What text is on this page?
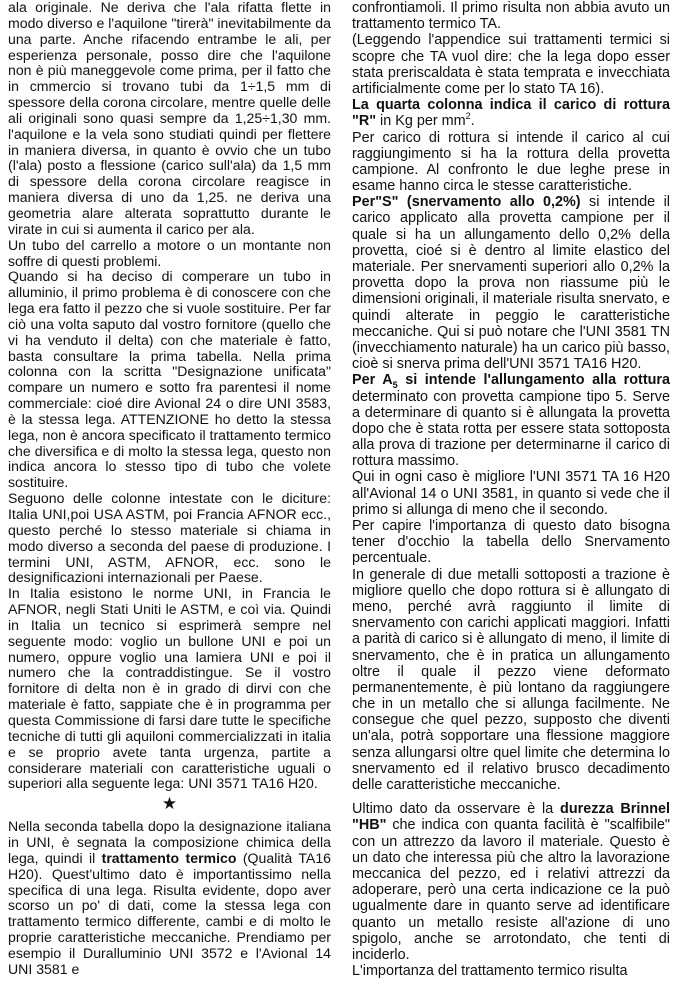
ala originale. Ne deriva che l'ala rifatta flette in modo diverso e l'aquilone "tirerà" inevitabilmente da una parte. Anche rifacendo entrambe le ali, per esperienza personale, posso dire che l'aquilone non è più maneggevole come prima, per il fatto che in cmmercio si trovano tubi da 1÷1,5 mm di spessore della corona circolare, mentre quelle delle ali originali sono quasi sempre da 1,25÷1,30 mm. l'aquilone e la vela sono studiati quindi per flettere in maniera diversa, in quanto è ovvio che un tubo (l'ala) posto a flessione (carico sull'ala) da 1,5 mm di spessore della corona circolare reagisce in maniera diversa di uno da 1,25. ne deriva una geometria alare alterata soprattutto durante le virate in cui si aumenta il carico per ala.

Un tubo del carrello a motore o un montante non soffre di questi problemi.

Quando si ha deciso di comperare un tubo in alluminio, il primo problema è di conoscere con che lega era fatto il pezzo che si vuole sostituire. Per far ciò una volta saputo dal vostro fornitore (quello che vi ha venduto il delta) con che materiale è fatto, basta consultare la prima tabella. Nella prima colonna con la scritta "Designazione unificata" compare un numero e sotto fra parentesi il nome commerciale: cioé dire Avional 24 o dire UNI 3583, è la stessa lega. ATTENZIONE ho detto la stessa lega, non è ancora specificato il trattamento termico che diversifica e di molto la stessa lega, questo non indica ancora lo stesso tipo di tubo che volete sostituire.

Seguono delle colonne intestate con le diciture: Italia UNI,poi USA ASTM, poi Francia AFNOR ecc., questo perché lo stesso materiale si chiama in modo diverso a seconda del paese di produzione. I termini UNI, ASTM, AFNOR, ecc. sono le designificazioni internazionali per Paese.

In Italia esistono le norme UNI, in Francia le AFNOR, negli Stati Uniti le ASTM, e coì via. Quindi in Italia un tecnico si esprimerà sempre nel seguente modo: voglio un bullone UNI e poi un numero, oppure voglio una lamiera UNI e poi il numero che la contraddistingue. Se il vostro fornitore di delta non è in grado di dirvi con che materiale è fatto, sappiate che è in programma per questa Commissione di farsi dare tutte le specifiche tecniche di tutti gli aquiloni commercializzati in italia e se proprio avete tanta urgenza, partite a considerare materiali con caratteristiche uguali o superiori alla seguente lega: UNI 3571 TA16 H20.

★

Nella seconda tabella dopo la designazione italiana in UNI, è segnata la composizione chimica della lega, quindi il trattamento termico (Qualità TA16 H20). Quest'ultimo dato è importantissimo nella specifica di una lega. Risulta evidente, dopo aver scorso un po' di dati, come la stessa lega con trattamento termico differente, cambi e di molto le proprie caratteristiche meccaniche. Prendiamo per esempio il Duralluminio UNI 3572 e l'Avional 14 UNI 3581 e

confrontiamoli. Il primo risulta non abbia avuto un trattamento termico TA.

(Leggendo l'appendice sui trattamenti termici si scopre che TA vuol dire: che la lega dopo esser stata preriscaldata è stata temprata e invecchiata artificialmente come per lo stato TA 16).

La quarta colonna indica il carico di rottura "R" in Kg per $mm^2$.

Per carico di rottura si intende il carico al cui raggiungimento si ha la rottura della provetta campione. Al confronto le due leghe prese in esame hanno circa le stesse caratteristiche.

Per"S" (snervamento allo 0,2%) si intende il carico applicato alla provetta campione per il quale si ha un allungamento dello 0,2% della provetta, cioé si è dentro al limite elastico del materiale. Per snervamenti superiori allo 0,2% la provetta dopo la prova non riassume più le dimensioni originali, il materiale risulta snervato, e quindi alterate in peggio le caratteristiche meccaniche. Qui si può notare che l'UNI 3581 TN (invecchiamento naturale) ha un carico più basso, cioè si snerva prima dell'UNI 3571 TA16 H20.

Per $A_5$ si intende l'allungamento alla rottura determinato con provetta campione tipo 5. Serve a determinare di quanto si è allungata la provetta dopo che è stata rotta per essere stata sottoposta alla prova di trazione per determinarne il carico di rottura massimo.

Qui in ogni caso è migliore l'UNI 3571 TA 16 H20 all'Avional 14 o UNI 3581, in quanto si vede che il primo si allunga di meno che il secondo.

Per capire l'importanza di questo dato bisogna tener d'occhio la tabella dello Snervamento percentuale.

In generale di due metalli sottoposti a trazione è migliore quello che dopo rottura si è allungato di meno, perché avrà raggiunto il limite di snervamento con carichi applicati maggiori. Infatti a parità di carico si è allungato di meno, il limite di snervamento, che è in pratica un allungamento oltre il quale il pezzo viene deformato permanentemente, è più lontano da raggiungere che in un metallo che si allunga facilmente. Ne consegue che quel pezzo, supposto che diventi un'ala, potrà sopportare una flessione maggiore senza allungarsi oltre quel limite che determina lo snervamento ed il relativo brusco decadimento delle caratteristiche meccaniche.

Ultimo dato da osservare è la durezza Brinnel "HB" che indica con quanta facilità è "scalfibile" con un attrezzo da lavoro il materiale. Questo è un dato che interessa più che altro la lavorazione meccanica del pezzo, ed i relativi attrezzi da adoperare, però una certa indicazione ce la può ugualmente dare in quanto serve ad identificare quanto un metallo resiste all'azione di uno spigolo, anche se arrotondato, che tenti di inciderlo.

L'importanza del trattamento termico risulta
